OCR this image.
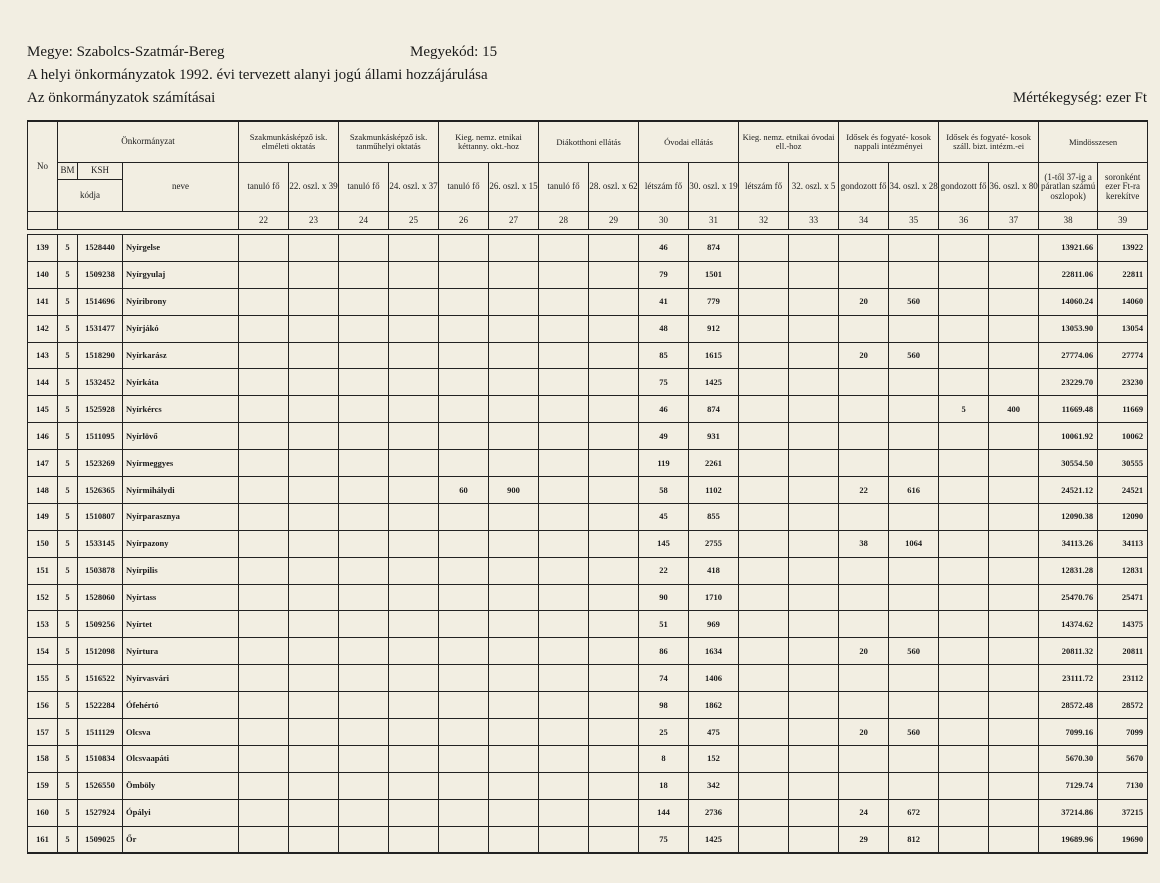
Megye: Szabolcs-Szatmár-Bereg	Megyekód: 15
A helyi önkormányzatok 1992. évi tervezett alanyi jogú állami hozzájárulása
Az önkormányzatok számításai	Mértékegység: ezer Ft
No	Önkormányzat			Szakmunkásképző isk. elméleti oktatás		Szakmunkásképző isk. tanműhelyi oktatás		Kieg. nemz. etnikai kéttanny. okt.-hoz		Diákotthoni ellátás		Óvodai ellátás		Kieg. nemz. etnikai óvodai ell.-hoz		Idősek és fogyaté- kosok nappali intézményei		Idősek és fogyaté- kosok száll. bizt. intézm.-ei		Mindösszesen	
	BM	KSH	neve	tanuló fő	22. oszl. x 39	tanuló fő	24. oszl. x 37	tanuló fő	26. oszl. x 15	tanuló fő	28. oszl. x 62	létszám fő	30. oszl. x 19	létszám fő	32. oszl. x 5	gondozott fő	34. oszl. x 28	gondozott fő	36. oszl. x 80	(1-től 37-ig a páratlan számú oszlopok)	soronként ezer Ft-ra kerekítve
	kódja																				
				22	23	24	25	26	27	28	29	30	31	32	33	34	35	36	37	38	39

139	5	1528440	Nyírgelse									46	874							13921.66	13922
140	5	1509238	Nyírgyulaj									79	1501							22811.06	22811
141	5	1514696	Nyíribrony									41	779			20	560			14060.24	14060
142	5	1531477	Nyírjákó									48	912							13053.90	13054
143	5	1518290	Nyírkarász									85	1615			20	560			27774.06	27774
144	5	1532452	Nyírkáta									75	1425							23229.70	23230
145	5	1525928	Nyírkércs									46	874					5	400	11669.48	11669
146	5	1511095	Nyírlövő									49	931							10061.92	10062
147	5	1523269	Nyírmeggyes									119	2261							30554.50	30555
148	5	1526365	Nyírmihálydi					60	900			58	1102			22	616			24521.12	24521
149	5	1510807	Nyírparasznya									45	855							12090.38	12090
150	5	1533145	Nyírpazony									145	2755			38	1064			34113.26	34113
151	5	1503878	Nyírpilis									22	418							12831.28	12831
152	5	1528060	Nyírtass									90	1710							25470.76	25471
153	5	1509256	Nyírtet									51	969							14374.62	14375
154	5	1512098	Nyírtura									86	1634			20	560			20811.32	20811
155	5	1516522	Nyírvasvári									74	1406							23111.72	23112
156	5	1522284	Ófehértó									98	1862							28572.48	28572
157	5	1511129	Olcsva									25	475			20	560			7099.16	7099
158	5	1510834	Olcsvaapáti									8	152							5670.30	5670
159	5	1526550	Ömböly									18	342							7129.74	7130
160	5	1527924	Ópályi									144	2736			24	672			37214.86	37215
161	5	1509025	Őr									75	1425			29	812			19689.96	19690
